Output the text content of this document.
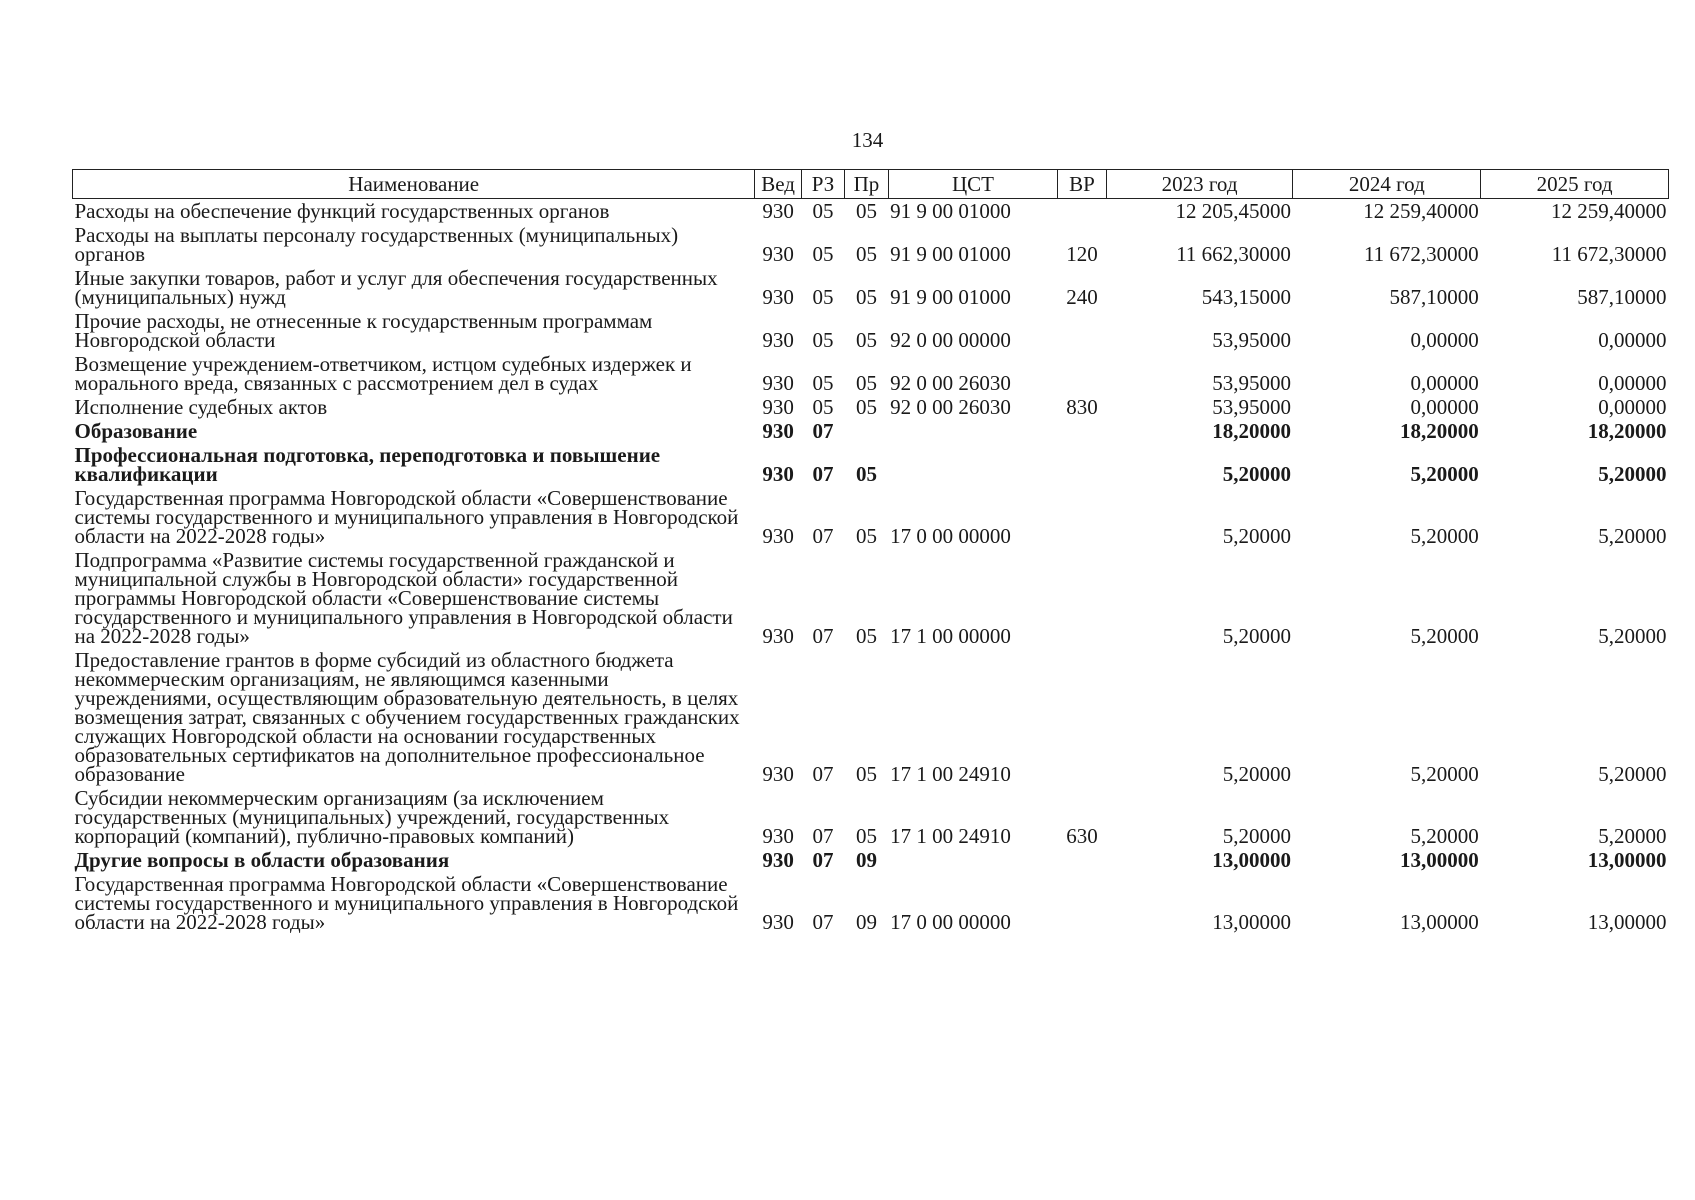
134
Наименование	Вед	РЗ	Пр	ЦСТ	ВР	2023 год	2024 год	2025 год
Расходы на обеспечение функций государственных органов	930	05	05	91 9 00 01000		12 205,45000	12 259,40000	12 259,40000
Расходы на выплаты персоналу государственных (муниципальных) органов	930	05	05	91 9 00 01000	120	11 662,30000	11 672,30000	11 672,30000
Иные закупки товаров, работ и услуг для обеспечения государственных (муниципальных) нужд	930	05	05	91 9 00 01000	240	543,15000	587,10000	587,10000
Прочие расходы, не отнесенные к государственным программам Новгородской области	930	05	05	92 0 00 00000		53,95000	0,00000	0,00000
Возмещение учреждением-ответчиком, истцом судебных издержек и морального вреда, связанных с рассмотрением дел в судах	930	05	05	92 0 00 26030		53,95000	0,00000	0,00000
Исполнение судебных актов	930	05	05	92 0 00 26030	830	53,95000	0,00000	0,00000
Образование	930	07				18,20000	18,20000	18,20000
Профессиональная подготовка, переподготовка и повышение квалификации	930	07	05			5,20000	5,20000	5,20000
Государственная программа Новгородской области «Совершенствование системы государственного и муниципального управления в Новгородской области на 2022-2028 годы»	930	07	05	17 0 00 00000		5,20000	5,20000	5,20000
Подпрограмма «Развитие системы государственной гражданской и муниципальной службы в Новгородской области» государственной программы Новгородской области «Совершенствование системы государственного и муниципального управления в Новгородской области на 2022-2028 годы»	930	07	05	17 1 00 00000		5,20000	5,20000	5,20000
Предоставление грантов в форме субсидий из областного бюджета некоммерческим организациям, не являющимся казенными учреждениями, осуществляющим образовательную деятельность, в целях возмещения затрат, связанных с обучением государственных гражданских служащих Новгородской области на основании государственных образовательных сертификатов на дополнительное профессиональное образование	930	07	05	17 1 00 24910		5,20000	5,20000	5,20000
Субсидии некоммерческим организациям (за исключением государственных (муниципальных) учреждений, государственных корпораций (компаний), публично-правовых компаний)	930	07	05	17 1 00 24910	630	5,20000	5,20000	5,20000
Другие вопросы в области образования	930	07	09			13,00000	13,00000	13,00000
Государственная программа Новгородской области «Совершенствование системы государственного и муниципального управления в Новгородской области на 2022-2028 годы»	930	07	09	17 0 00 00000		13,00000	13,00000	13,00000
